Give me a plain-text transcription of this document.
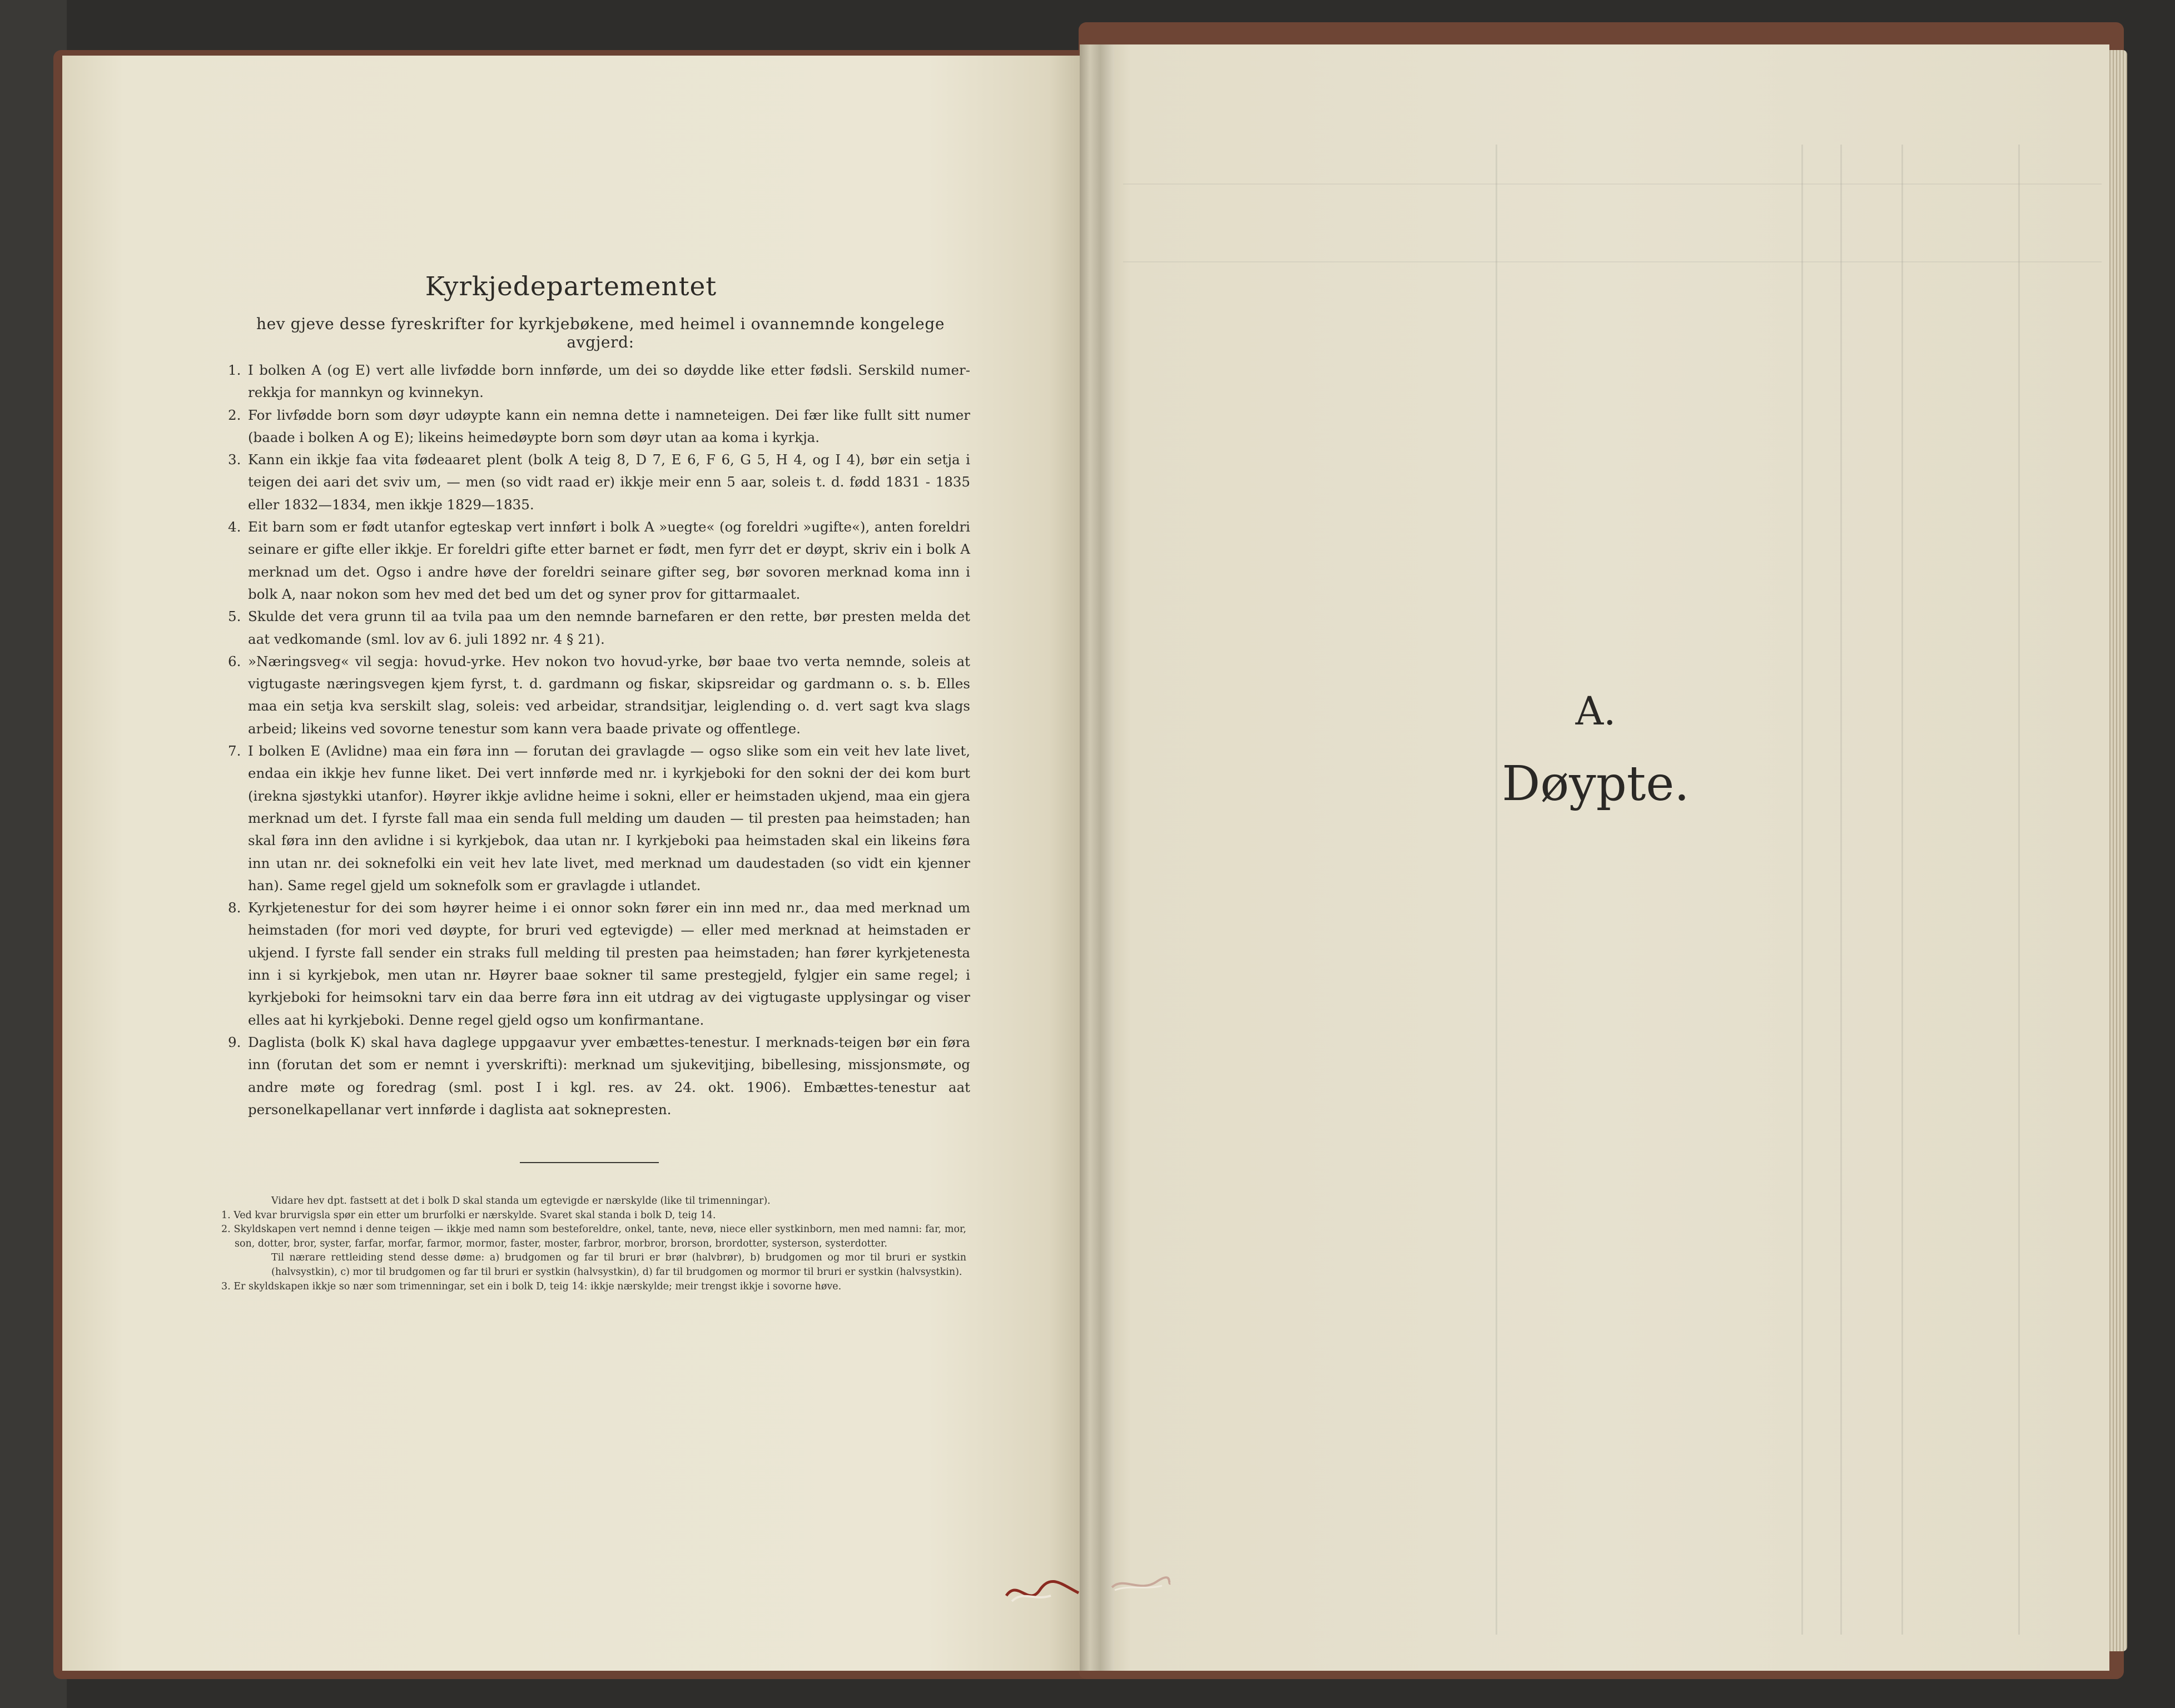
Kyrkjedepartementet
hev gjeve desse fyreskrifter for kyrkjebøkene, med heimel i ovannemnde kongelege avgjerd:
1. I bolken A (og E) vert alle livfødde born innførde, um dei so døydde like etter fødsli. Serskild numer-rekkja for mannkyn og kvinnekyn.
2. For livfødde born som døyr udøypte kann ein nemna dette i namneteigen. Dei fær like fullt sitt numer (baade i bolken A og E); likeins heimedøypte born som døyr utan aa koma i kyrkja.
3. Kann ein ikkje faa vita fødeaaret plent (bolk A teig 8, D 7, E 6, F 6, G 5, H 4, og I 4), bør ein setja i teigen dei aari det sviv um, — men (so vidt raad er) ikkje meir enn 5 aar, soleis t. d. fødd 1831 - 1835 eller 1832—1834, men ikkje 1829—1835.
4. Eit barn som er født utanfor egteskap vert innført i bolk A »uegte« (og foreldri »ugifte«), anten foreldri seinare er gifte eller ikkje. Er foreldri gifte etter barnet er født, men fyrr det er døypt, skriv ein i bolk A merknad um det. Ogso i andre høve der foreldri seinare gifter seg, bør sovoren merknad koma inn i bolk A, naar nokon som hev med det bed um det og syner prov for gittarmaalet.
5. Skulde det vera grunn til aa tvila paa um den nemnde barnefaren er den rette, bør presten melda det aat vedkomande (sml. lov av 6. juli 1892 nr. 4 § 21).
6. »Næringsveg« vil segja: hovud-yrke. Hev nokon tvo hovud-yrke, bør baae tvo verta nemnde, soleis at vigtugaste næringsvegen kjem fyrst, t. d. gardmann og fiskar, skipsreidar og gardmann o. s. b. Elles maa ein setja kva serskilt slag, soleis: ved arbeidar, strandsitjar, leiglending o. d. vert sagt kva slags arbeid; likeins ved sovorne tenestur som kann vera baade private og offentlege.
7. I bolken E (Avlidne) maa ein føra inn — forutan dei gravlagde — ogso slike som ein veit hev late livet, endaa ein ikkje hev funne liket. Dei vert innførde med nr. i kyrkjeboki for den sokni der dei kom burt (irekna sjøstykki utanfor). Høyrer ikkje avlidne heime i sokni, eller er heimstaden ukjend, maa ein gjera merknad um det. I fyrste fall maa ein senda full melding um dauden — til presten paa heimstaden; han skal føra inn den avlidne i si kyrkjebok, daa utan nr. I kyrkjeboki paa heimstaden skal ein likeins føra inn utan nr. dei soknefolki ein veit hev late livet, med merknad um daudestaden (so vidt ein kjenner han). Same regel gjeld um soknefolk som er gravlagde i utlandet.
8. Kyrkjetenestur for dei som høyrer heime i ei onnor sokn fører ein inn med nr., daa med merknad um heimstaden (for mori ved døypte, for bruri ved egtevigde) — eller med merknad at heimstaden er ukjend. I fyrste fall sender ein straks full melding til presten paa heimstaden; han fører kyrkjetenesta inn i si kyrkjebok, men utan nr. Høyrer baae sokner til same prestegjeld, fylgjer ein same regel; i kyrkjeboki for heimsokni tarv ein daa berre føra inn eit utdrag av dei vigtugaste upplysingar og viser elles aat hi kyrkjeboki. Denne regel gjeld ogso um konfirmantane.
9. Daglista (bolk K) skal hava daglege uppgaavur yver embættes-tenestur. I merknads-teigen bør ein føra inn (forutan det som er nemnt i yverskrifti): merknad um sjukevitjing, bibellesing, missjonsmøte, og andre møte og foredrag (sml. post I i kgl. res. av 24. okt. 1906). Embættes-tenestur aat personelkapellanar vert innførde i daglista aat soknepresten.

Vidare hev dpt. fastsett at det i bolk D skal standa um egtevigde er nærskylde (like til trimenningar).

1. Ved kvar brurvigsla spør ein etter um brurfolki er nærskylde. Svaret skal standa i bolk D, teig 14.

2. Skyldskapen vert nemnd i denne teigen — ikkje med namn som besteforeldre, onkel, tante, nevø, niece eller systkinborn, men med namni: far, mor, son, dotter, bror, syster, farfar, morfar, farmor, mormor, faster, moster, farbror, morbror, brorson, brordotter, systerson, systerdotter.

Til nærare rettleiding stend desse døme: a) brudgomen og far til bruri er brør (halvbrør), b) brudgomen og mor til bruri er systkin (halvsystkin), c) mor til brudgomen og far til bruri er systkin (halvsystkin), d) far til brudgomen og mormor til bruri er systkin (halvsystkin).

3. Er skyldskapen ikkje so nær som trimenningar, set ein i bolk D, teig 14: ikkje nærskylde; meir trengst ikkje i sovorne høve.

A.
Døypte.
